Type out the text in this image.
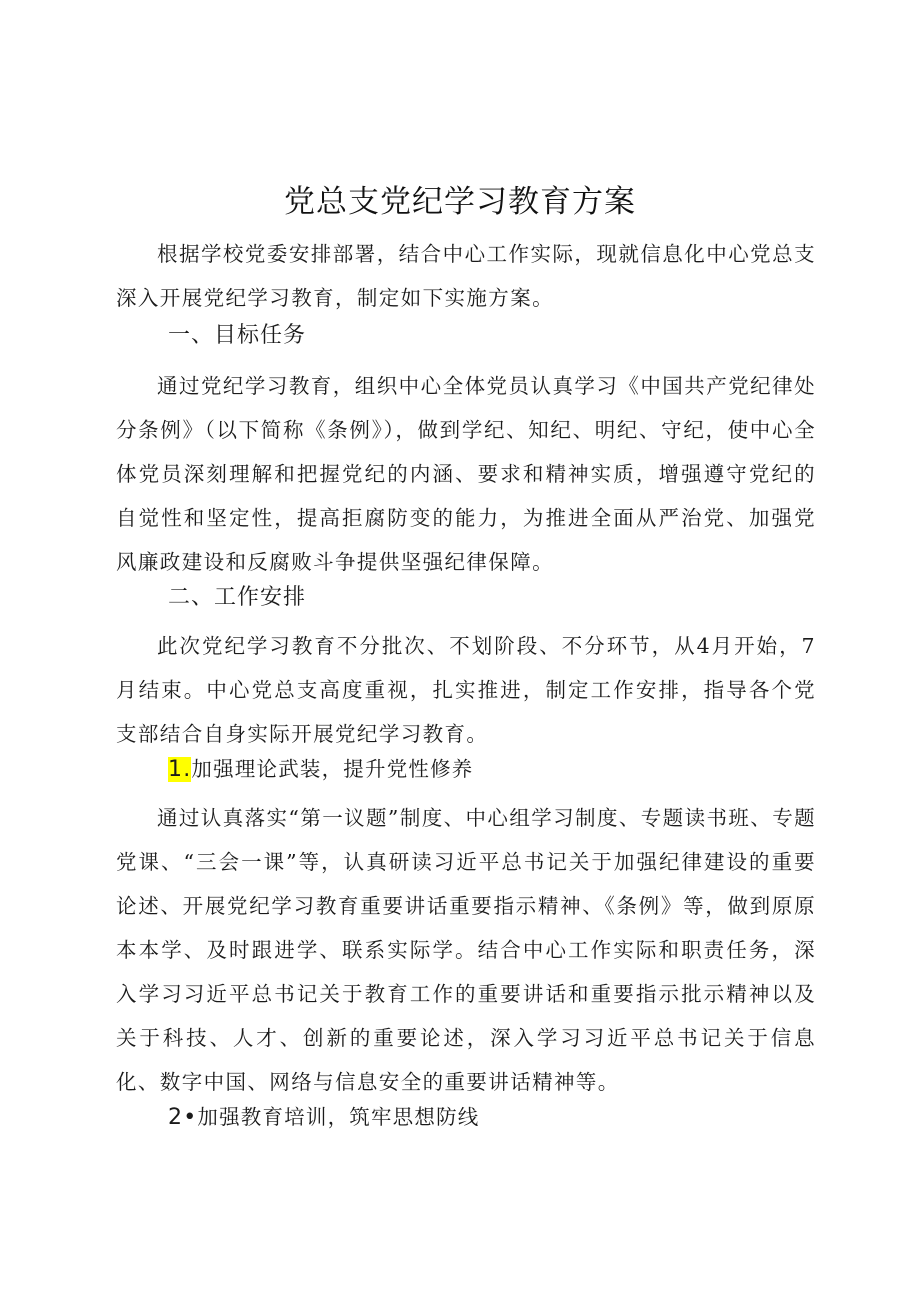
党总支党纪学习教育方案

根据学校党委安排部署，结合中心工作实际，现就信息化中心党总支深入开展党纪学习教育，制定如下实施方案。

一、目标任务

通过党纪学习教育，组织中心全体党员认真学习《中国共产党纪律处分条例》（以下简称《条例》），做到学纪、知纪、明纪、守纪，使中心全体党员深刻理解和把握党纪的内涵、要求和精神实质，增强遵守党纪的自觉性和坚定性，提高拒腐防变的能力，为推进全面从严治党、加强党风廉政建设和反腐败斗争提供坚强纪律保障。

二、工作安排

此次党纪学习教育不分批次、不划阶段、不分环节，从4月开始，7月结束。中心党总支高度重视，扎实推进，制定工作安排，指导各个党支部结合自身实际开展党纪学习教育。

1.加强理论武装，提升党性修养

通过认真落实“第一议题”制度、中心组学习制度、专题读书班、专题党课、“三会一课”等，认真研读习近平总书记关于加强纪律建设的重要论述、开展党纪学习教育重要讲话重要指示精神、《条例》等，做到原原本本学、及时跟进学、联系实际学。结合中心工作实际和职责任务，深入学习习近平总书记关于教育工作的重要讲话和重要指示批示精神以及关于科技、人才、创新的重要论述，深入学习习近平总书记关于信息化、数字中国、网络与信息安全的重要讲话精神等。

2•加强教育培训，筑牢思想防线
